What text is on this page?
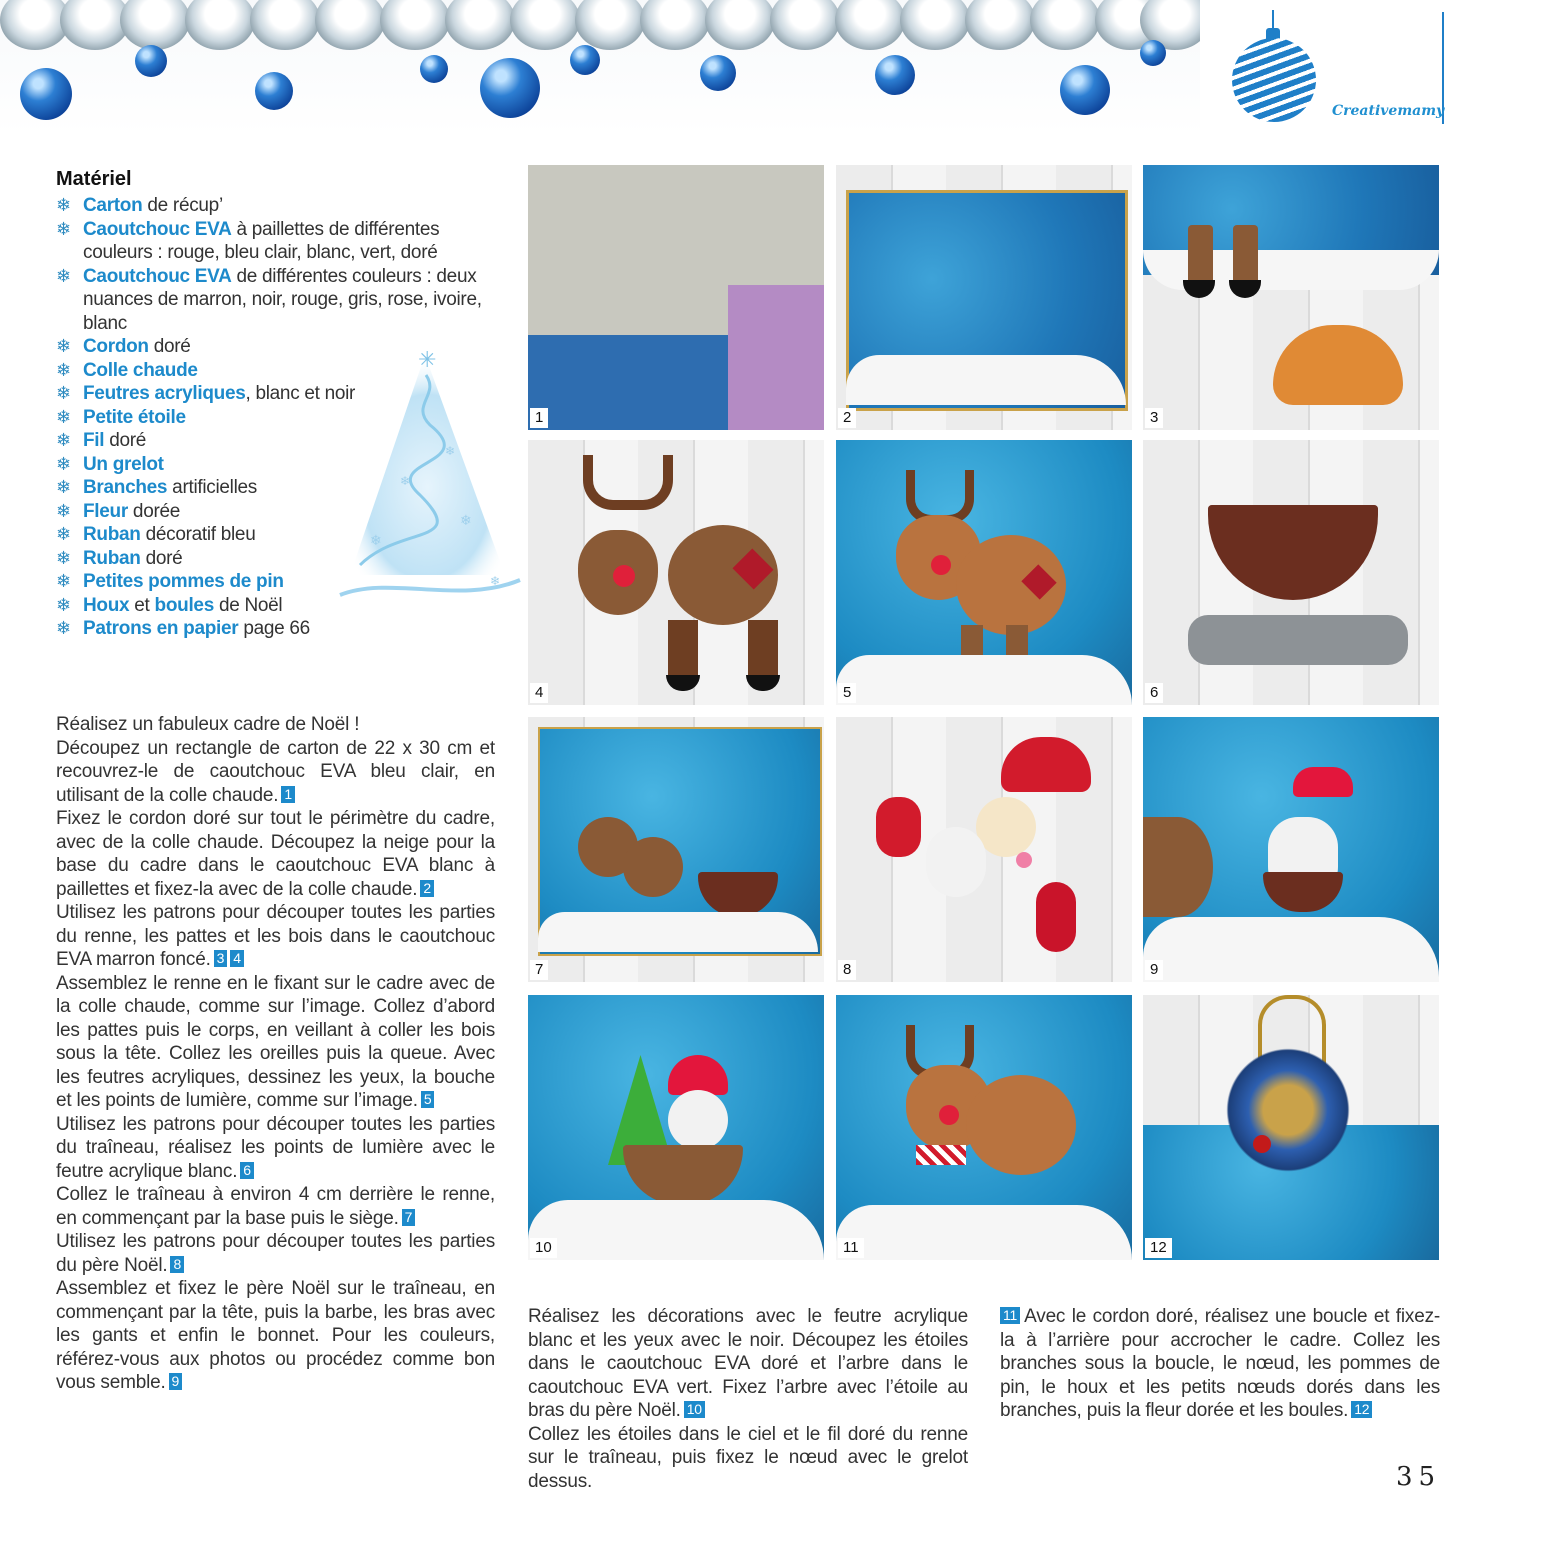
Creativemamy
Matériel
❄ Carton de récup’
❄ Caoutchouc EVA à paillettes de différentes couleurs : rouge, bleu clair, blanc, vert, doré
❄ Caoutchouc EVA de différentes couleurs : deux nuances de marron, noir, rouge, gris, rose, ivoire, blanc
❄ Cordon doré
❄ Colle chaude
❄ Feutres acryliques, blanc et noir
❄ Petite étoile
❄ Fil doré
❄ Un grelot
❄ Branches artificielles
❄ Fleur dorée
❄ Ruban décoratif bleu
❄ Ruban doré
❄ Petites pommes de pin
❄ Houx et boules de Noël
❄ Patrons en papier page 66
✳
❄
❄
❄
❄
❄

Réalisez un fabuleux cadre de Noël !

Découpez un rectangle de carton de 22 x 30 cm et recouvrez-le de caoutchouc EVA bleu clair, en utilisant de la colle chaude. 1

Fixez le cordon doré sur tout le périmètre du cadre, avec de la colle chaude. Découpez la neige pour la base du cadre dans le caoutchouc EVA blanc à paillettes et fixez-la avec de la colle chaude. 2

Utilisez les patrons pour découper toutes les parties du renne, les pattes et les bois dans le caoutchouc EVA marron foncé. 3 4

Assemblez le renne en le fixant sur le cadre avec de la colle chaude, comme sur l’image. Collez d’abord les pattes puis le corps, en veillant à coller les bois sous la tête. Collez les oreilles puis la queue. Avec les feutres acryliques, dessinez les yeux, la bouche et les points de lumière, comme sur l’image. 5

Utilisez les patrons pour découper toutes les parties du traîneau, réalisez les points de lumière avec le feutre acrylique blanc. 6

Collez le traîneau à environ 4 cm derrière le renne, en commençant par la base puis le siège. 7

Utilisez les patrons pour découper toutes les parties du père Noël. 8

Assemblez et fixez le père Noël sur le traîneau, en commençant par la tête, puis la barbe, les bras avec les gants et enfin le bonnet. Pour les couleurs, référez-vous aux photos ou procédez comme bon vous semble. 9

Réalisez les décorations avec le feutre acrylique blanc et les yeux avec le noir. Découpez les étoiles dans le caoutchouc EVA doré et l’arbre dans le caoutchouc EVA vert. Fixez l’arbre avec l’étoile au bras du père Noël. 10

Collez les étoiles dans le ciel et le fil doré du renne sur le traîneau, puis fixez le nœud avec le grelot dessus.

11 Avec le cordon doré, réalisez une boucle et fixez-la à l’arrière pour accrocher le cadre. Collez les branches sous la boucle, le nœud, les pommes de pin, le houx et les petits nœuds dorés dans les branches, puis la fleur dorée et les boules. 12

1	2	3
4	5	6
7	8	9
10	11	12
35
